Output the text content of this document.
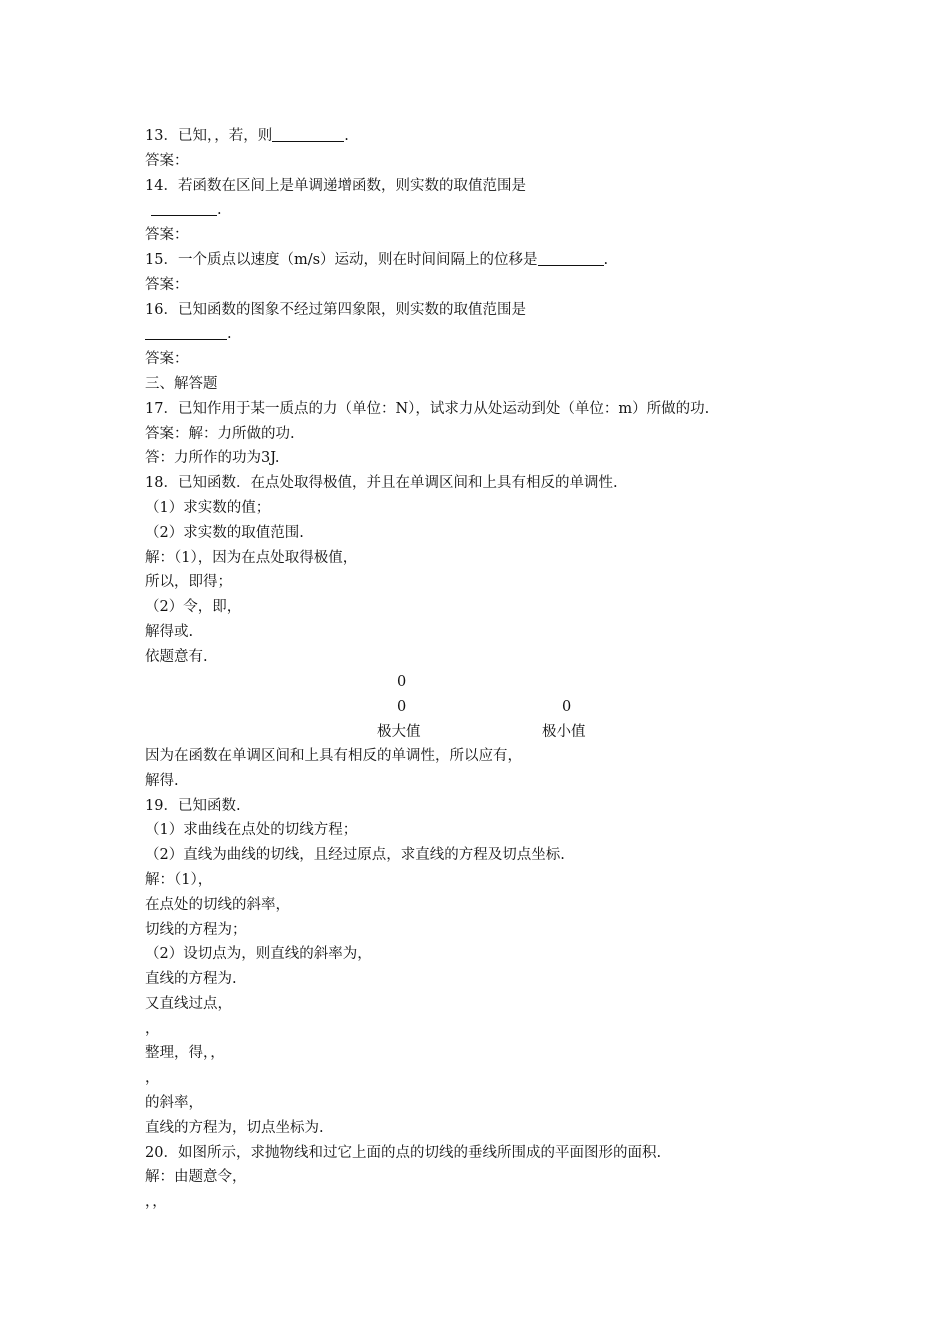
13．已知，，若，则	.
答案：
14．若函数在区间上是单调递增函数，则实数的取值范围是
.
答案：
15．一个质点以速度（m/s）运动，则在时间间隔上的位移是	.
答案：
16．已知函数的图象不经过第四象限，则实数的取值范围是
.
答案：
三、解答题
17．已知作用于某一质点的力（单位：N），试求力从处运动到处（单位：m）所做的功.
答案：解：力所做的功.
答：力所作的功为3J.
18．已知函数．在点处取得极值，并且在单调区间和上具有相反的单调性.
（1）求实数的值；
（2）求实数的取值范围.
解：（1），因为在点处取得极值，
所以，即得；
（2）令，即，
解得或.
依题意有.
因为在函数在单调区间和上具有相反的单调性，所以应有，
解得.
19．已知函数.
（1）求曲线在点处的切线方程；
（2）直线为曲线的切线，且经过原点，求直线的方程及切点坐标.
解：（1），
在点处的切线的斜率，
切线的方程为；
（2）设切点为，则直线的斜率为，
直线的方程为.
又直线过点，
，
整理，得，，
，
的斜率，
直线的方程为，切点坐标为.
20．如图所示，求抛物线和过它上面的点的切线的垂线所围成的平面图形的面积.
解：由题意令，
，，
0
0	0
极大值	极小值
